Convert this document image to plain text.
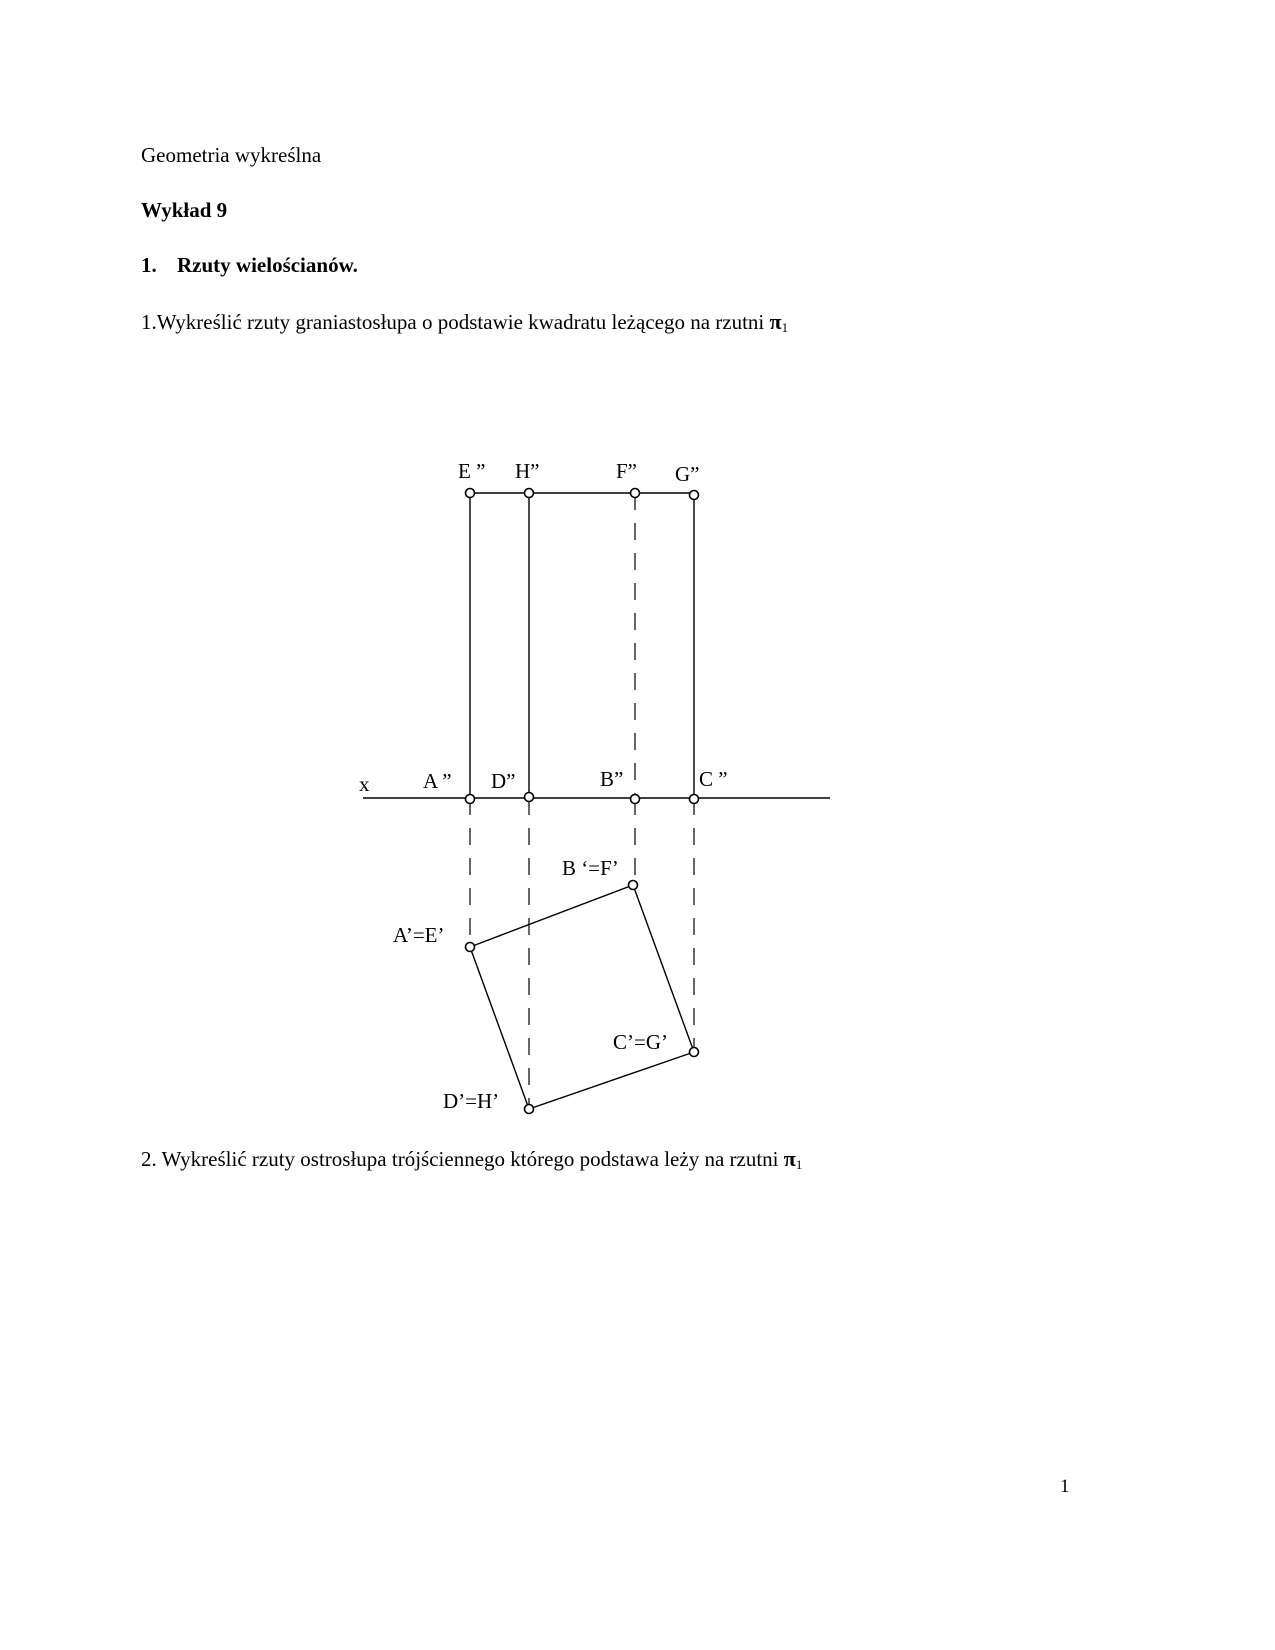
Geometria wykreślna
Wykład 9
1. Rzuty wielościanów.
1.Wykreślić rzuty graniastosłupa o podstawie kwadratu leżącego na rzutni $\pi_1$
E ” H”	F” G”
x	A ” D”	B”	C ”
B ‘=F’
A’=E’
C’=G’
D’=H’
2. Wykreślić rzuty ostrosłupa trójściennego którego podstawa leży na rzutni $\pi_1$
1
